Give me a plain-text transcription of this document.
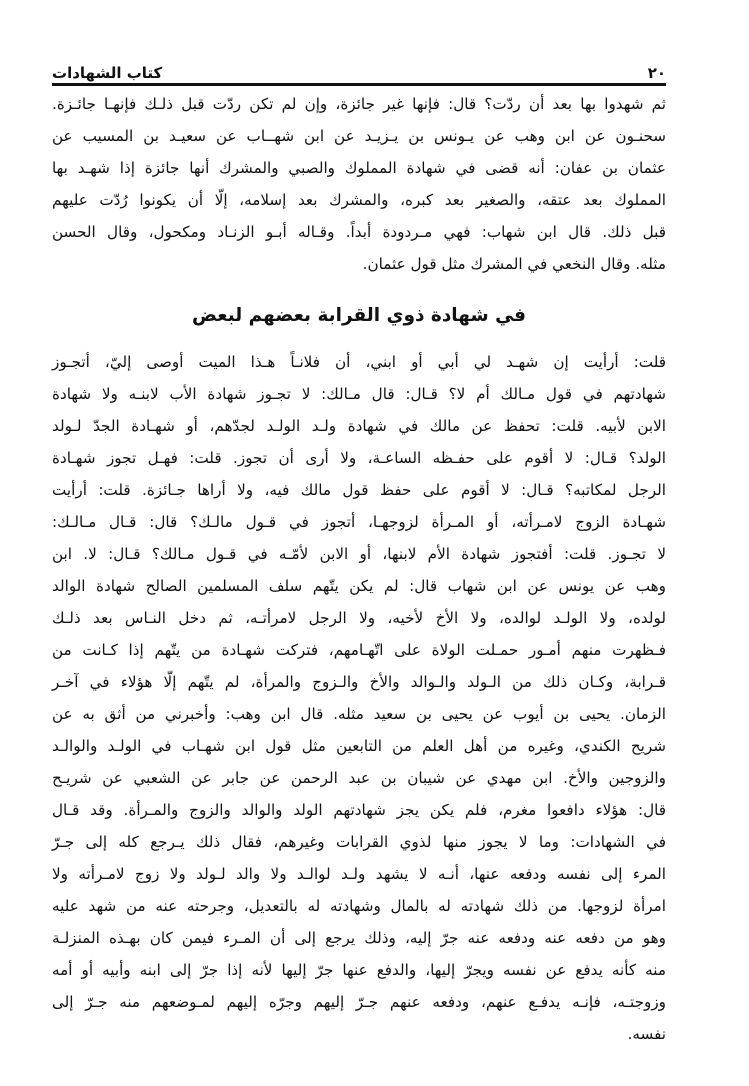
٢٠
كتاب الشهادات
ثم شهدوا بها بعد أن ردّت؟ قال: فإنها غير جائزة، وإن لم تكن ردّت قبل ذلـك فإنهـا جائـزة.
سحنـون عن ابن وهب عن يـونس بن يـزيـد عن ابن شهــاب عن سعيـد بن المسيب عن
عثمان بن عفان: أنه قضى في شهادة المملوك والصبي والمشرك أنها جائزة إذا شهـد بها
المملوك بعد عتقه، والصغير بعد كبره، والمشرك بعد إسلامه، إلّا أن يكونوا رُدّت عليهم
قبل ذلك. قال ابن شهاب: فهي مـردودة أبداً. وقـاله أبـو الزنـاد ومكحول، وقال الحسن
مثله. وقال النخعي في المشرك مثل قول عثمان.
في شهادة ذوي القرابة بعضهم لبعض
قلت: أرأيت إن شهـد لي أبي أو ابني، أن فلانـاً هـذا الميت أوصى إليّ، أتجـوز
شهادتهم في قول مـالك أم لا؟ قـال: قال مـالك: لا تجـوز شهادة الأب لابنـه ولا شهادة
الابن لأبيه. قلت: تحفظ عن مالك في شهادة ولـد الولـد لجدّهم، أو شهـادة الجدّ لـولد
الولد؟ قـال: لا أقوم على حفـظه الساعـة، ولا أرى أن تجوز. قلت: فهـل تجوز شهـادة
الرجل لمكاتبه؟ قـال: لا أقوم على حفظ قول مالك فيه، ولا أراها جـائزة. قلت: أرأيت
شهـادة الزوج لامـرأته، أو المـرأة لزوجهـا، أتجوز في قـول مالـك؟ قال: قـال مـالـك:
لا تجـوز. قلت: أفتجوز شهادة الأم لابنها، أو الابن لأمّـه في قـول مـالك؟ قـال: لا. ابن
وهب عن يونس عن ابن شهاب قال: لم يكن يتّهم سلف المسلمين الصالح شهادة الوالد
لولده، ولا الولـد لوالده، ولا الأخ لأخيه، ولا الرجل لامرأتـه، ثم دخل النـاس بعد ذلـك
فـظهرت منهم أمـور حمـلت الولاة على اتّهـامهم، فتركت شهـادة من يتّهم إذا كـانت من
قـرابة، وكـان ذلك من الـولد والـوالد والأخ والـزوج والمرأة، لم يتّهم إلّا هؤلاء في آخـر
الزمان. يحيى بن أيوب عن يحيى بن سعيد مثله. قال ابن وهب: وأخبرني من أثق به عن
شريح الكندي، وغيره من أهل العلم من التابعين مثل قول ابن شهـاب في الولـد والوالـد
والزوجين والأخ. ابن مهدي عن شيبان بن عبد الرحمن عن جابر عن الشعبي عن شريـح
قال: هؤلاء دافعوا مغرم، فلم يكن يجز شهادتهم الولد والوالد والزوج والمـرأة. وقد قـال
في الشهادات: وما لا يجوز منها لذوي القرابات وغيرهم، فقال ذلك يـرجع كله إلى جـرّ
المرء إلى نفسه ودفعه عنها، أنـه لا يشهد ولـد لوالـد ولا والد لـولد ولا زوج لامـرأته ولا
امرأة لزوجها. من ذلك شهادته له بالمال وشهادته له بالتعديل، وجرحته عنه من شهد عليه
وهو من دفعه عنه ودفعه عنه جرّ إليه، وذلك يرجع إلى أن المـرء فيمن كان بهـذه المنزلـة
منه كأنه يدفع عن نفسه ويجرّ إليها، والدفع عنها جرّ إليها لأنه إذا جرّ إلى ابنه وأبيه أو أمه
وزوجتـه، فإنـه يدفـع عنهم، ودفعه عنهم جـرّ إليهم وجرّه إليهم لمـوضعهم منه جـرّ إلى
نفسه.
